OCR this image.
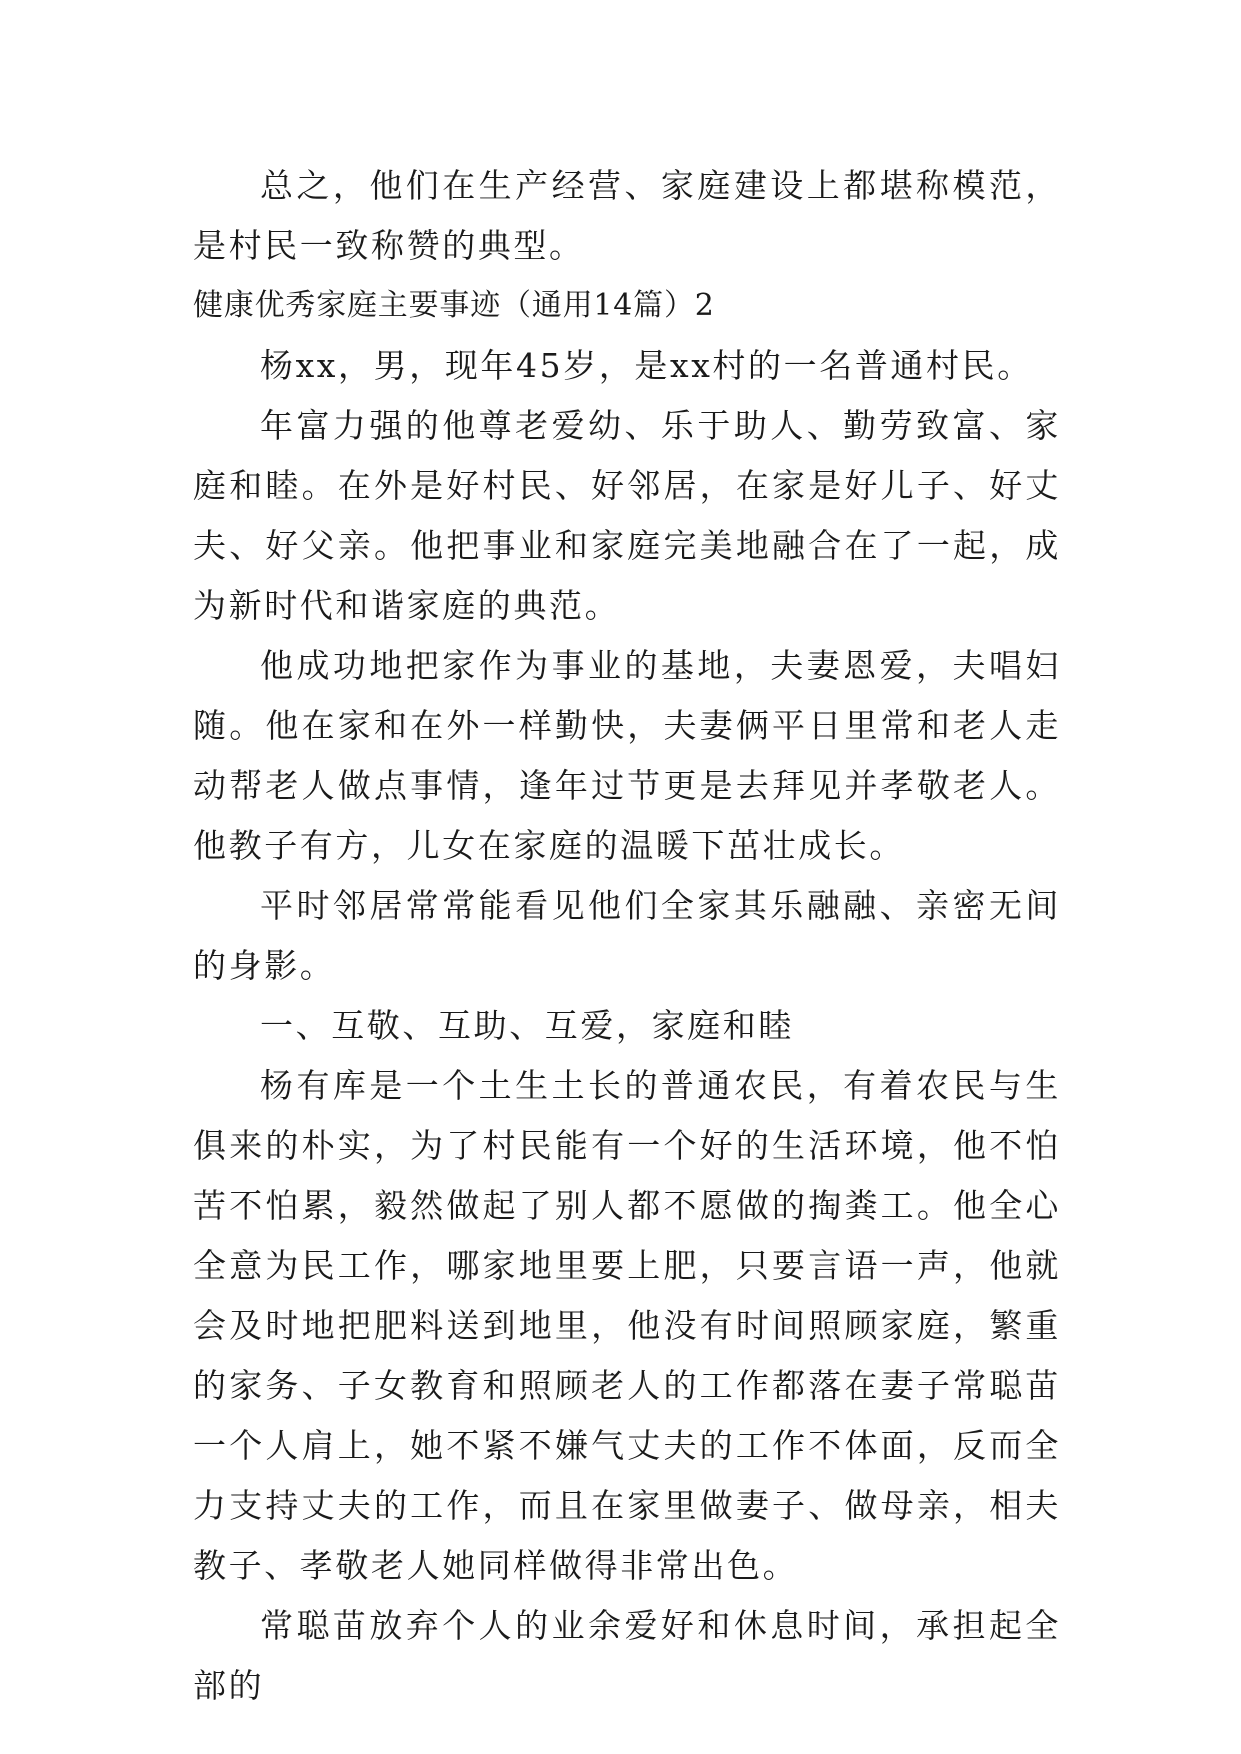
总之，他们在生产经营、家庭建设上都堪称模范，是村民一致称赞的典型。

健康优秀家庭主要事迹（通用14篇）2

杨xx，男，现年45岁，是xx村的一名普通村民。

年富力强的他尊老爱幼、乐于助人、勤劳致富、家庭和睦。在外是好村民、好邻居，在家是好儿子、好丈夫、好父亲。他把事业和家庭完美地融合在了一起，成为新时代和谐家庭的典范。

他成功地把家作为事业的基地，夫妻恩爱，夫唱妇随。他在家和在外一样勤快，夫妻俩平日里常和老人走动帮老人做点事情，逢年过节更是去拜见并孝敬老人。他教子有方，儿女在家庭的温暖下茁壮成长。

平时邻居常常能看见他们全家其乐融融、亲密无间的身影。

一、互敬、互助、互爱，家庭和睦

杨有库是一个土生土长的普通农民，有着农民与生俱来的朴实，为了村民能有一个好的生活环境，他不怕苦不怕累，毅然做起了别人都不愿做的掏粪工。他全心全意为民工作，哪家地里要上肥，只要言语一声，他就会及时地把肥料送到地里，他没有时间照顾家庭，繁重的家务、子女教育和照顾老人的工作都落在妻子常聪苗一个人肩上，她不紧不嫌气丈夫的工作不体面，反而全力支持丈夫的工作，而且在家里做妻子、做母亲，相夫教子、孝敬老人她同样做得非常出色。

常聪苗放弃个人的业余爱好和休息时间，承担起全部的
